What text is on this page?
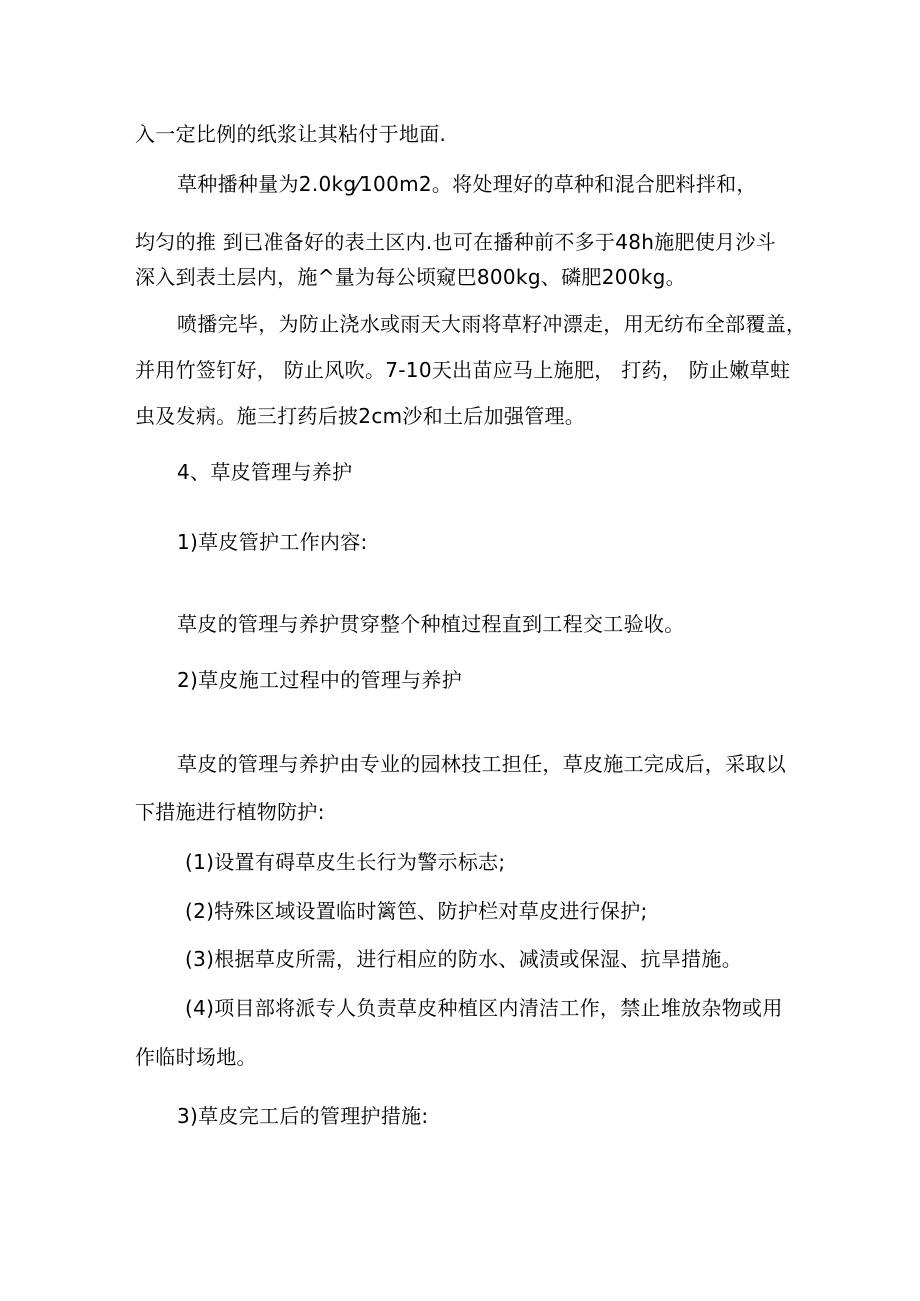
入一定比例的纸浆让其粘付于地面.
草种播种量为2.0kg⁄100m2。将处理好的草种和混合肥料拌和，
均匀的推 到已准备好的表土区内.也可在播种前不多于48h施肥使月沙斗
深入到表土层内，施^量为每公顷窥巴800kg、磷肥200kg。
喷播完毕，为防止浇水或雨天大雨将草籽冲漂走，用无纺布全部覆盖，
并用竹签钉好， 防止风吹。7-10天出苗应马上施肥， 打药， 防止嫩草蛀
虫及发病。施三打药后披2cm沙和土后加强管理。
4、草皮管理与养护
1)草皮管护工作内容:
草皮的管理与养护贯穿整个种植过程直到工程交工验收。
2)草皮施工过程中的管理与养护
草皮的管理与养护由专业的园林技工担任，草皮施工完成后，采取以
下措施进行植物防护:
(1)设置有碍草皮生长行为警示标志;
(2)特殊区域设置临时篱笆、防护栏对草皮进行保护;
(3)根据草皮所需，进行相应的防水、减渍或保湿、抗旱措施。
(4)项目部将派专人负责草皮种植区内清洁工作，禁止堆放杂物或用
作临时场地。
3)草皮完工后的管理护措施:
